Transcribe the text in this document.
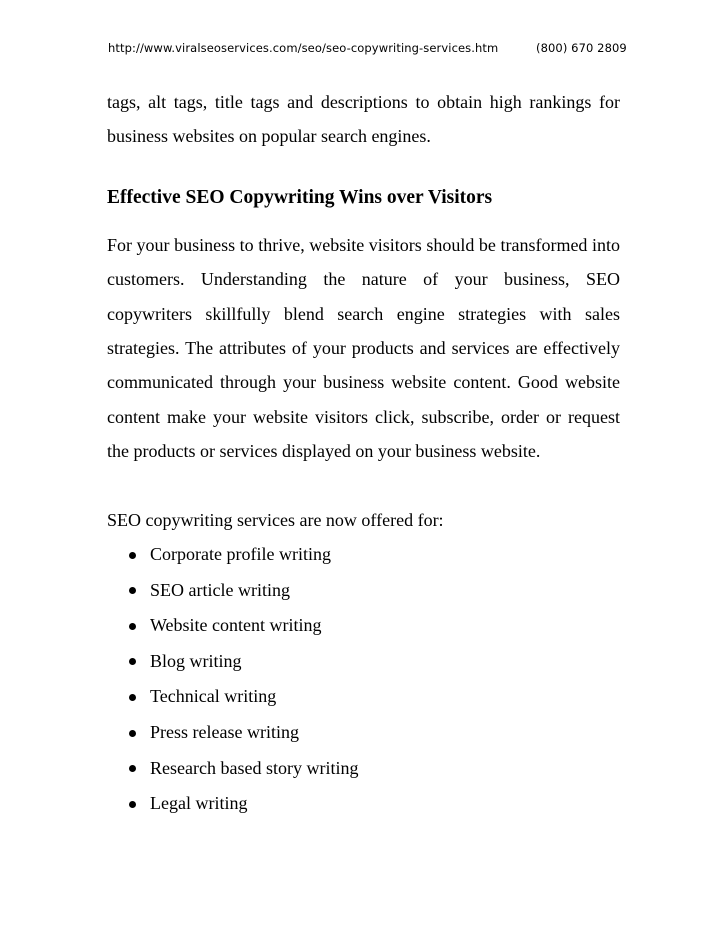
http://www.viralseoservices.com/seo/seo-copywriting-services.htm	(800) 670 2809

tags, alt tags, title tags and descriptions to obtain high rankings for business websites on popular search engines.

Effective SEO Copywriting Wins over Visitors

For your business to thrive, website visitors should be transformed into customers. Understanding the nature of your business, SEO copywriters skillfully blend search engine strategies with sales strategies. The attributes of your products and services are effectively communicated through your business website content. Good website content make your website visitors click, subscribe, order or request the products or services displayed on your business website.

SEO copywriting services are now offered for:

Corporate profile writing
SEO article writing
Website content writing
Blog writing
Technical writing
Press release writing
Research based story writing
Legal writing
